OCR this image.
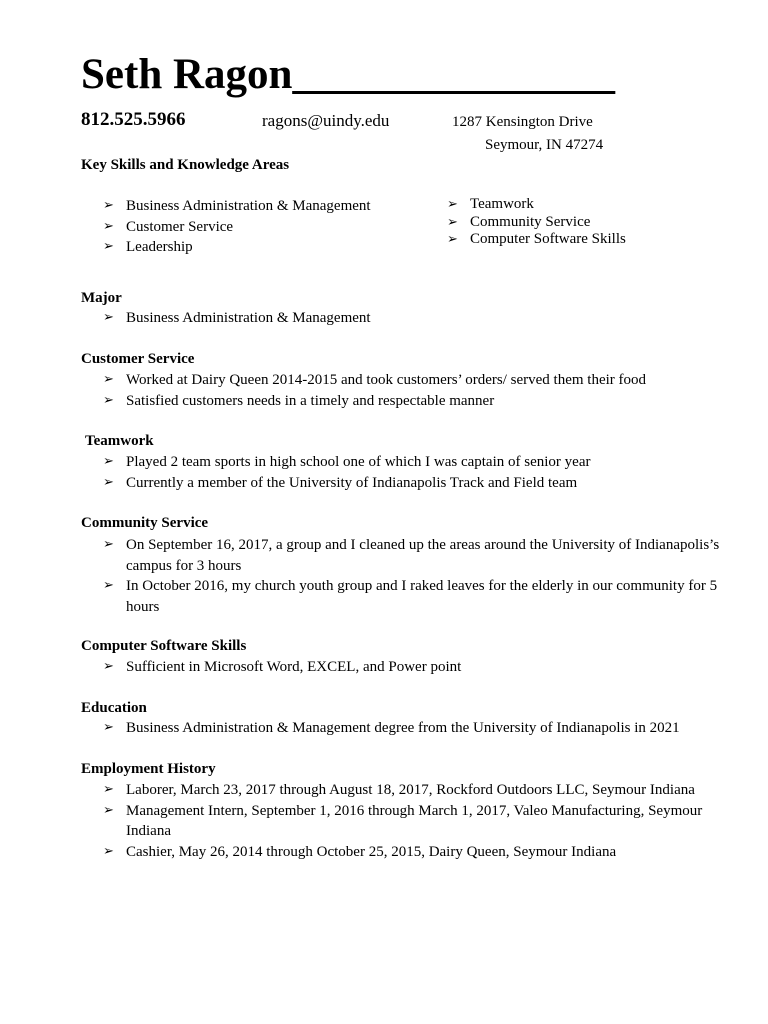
Seth Ragon_______________
812.525.5966	ragons@uindy.edu	1287 Kensington Drive
Seymour, IN 47274
Key Skills and Knowledge Areas
➢ Business Administration & Management
➢ Customer Service
➢ Leadership
➢ Teamwork
➢ Community Service
➢ Computer Software Skills
Major
➢ Business Administration & Management
Customer Service
➢ Worked at Dairy Queen 2014-2015 and took customers’ orders/ served them their food
➢ Satisfied customers needs in a timely and respectable manner
Teamwork
➢ Played 2 team sports in high school one of which I was captain of senior year
➢ Currently a member of the University of Indianapolis Track and Field team
Community Service
➢ On September 16, 2017, a group and I cleaned up the areas around the University of Indianapolis’s campus for 3 hours
➢ In October 2016, my church youth group and I raked leaves for the elderly in our community for 5 hours
Computer Software Skills
➢ Sufficient in Microsoft Word, EXCEL, and Power point
Education
➢ Business Administration & Management degree from the University of Indianapolis in 2021
Employment History
➢ Laborer, March 23, 2017 through August 18, 2017, Rockford Outdoors LLC, Seymour Indiana
➢ Management Intern, September 1, 2016 through March 1, 2017, Valeo Manufacturing, Seymour Indiana
➢ Cashier, May 26, 2014 through October 25, 2015, Dairy Queen, Seymour Indiana
